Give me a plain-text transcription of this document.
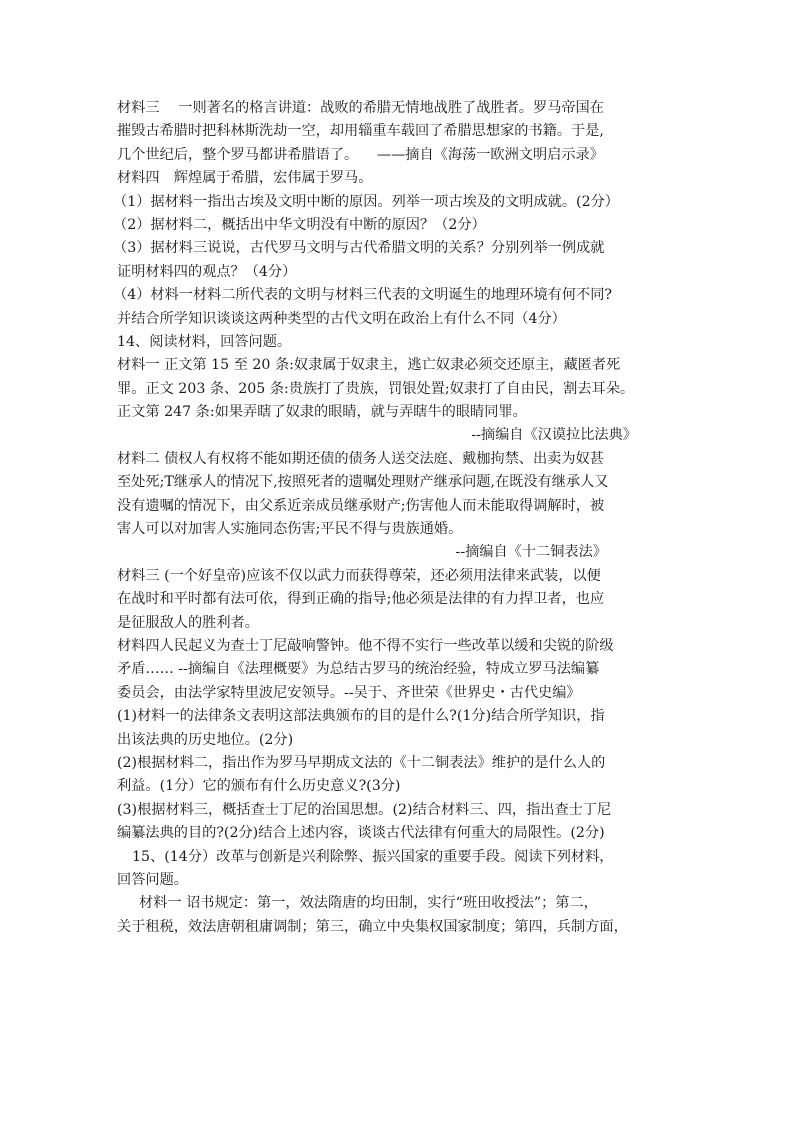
材料三 　一则著名的格言讲道：战败的希腊无情地战胜了战胜者。罗马帝国在
摧毁古希腊时把科林斯洗劫一空，却用辎重车载回了希腊思想家的书籍。于是,
几个世纪后，整个罗马都讲希腊语了。 　——摘自《海荡一欧洲文明启示录》
材料四　辉煌属于希腊，宏伟属于罗马。
（1）据材料一指出古埃及文明中断的原因。列举一项古埃及的文明成就。(2分）
（2）据材料二，概括出中华文明没有中断的原因？（2分）
（3）据材料三说说，古代罗马文明与古代希腊文明的关系？分别列举一例成就
证明材料四的观点？（4分）
（4）材料一材料二所代表的文明与材料三代表的文明诞生的地理环境有何不同?
并结合所学知识谈谈这两种类型的古代文明在政治上有什么不同（4分）
14、阅读材料，回答问题。
材料一 正文第 15 至 20 条:奴隶属于奴隶主，逃亡奴隶必须交还原主，藏匿者死
罪。正文 203 条、205 条:贵族打了贵族，罚银处置;奴隶打了自由民，割去耳朵。
正文第 247 条:如果弄瞎了奴隶的眼睛，就与弄瞎牛的眼睛同罪。
--摘编自《汉谟拉比法典》
材料二 债权人有权将不能如期还债的债务人送交法庭、戴枷拘禁、出卖为奴甚
至处死;T继承人的情况下,按照死者的遗嘱处理财产继承问题,在既没有继承人又
没有遗嘱的情况下，由父系近亲成员继承财产;伤害他人而未能取得调解时，被
害人可以对加害人实施同态伤害;平民不得与贵族通婚。
--摘编自《十二铜表法》
材料三 (一个好皇帝)应该不仅以武力而获得尊荣，还必须用法律来武装，以便
在战时和平时都有法可依，得到正确的指导;他必须是法律的有力捍卫者，也应
是征服敌人的胜利者。
材料四人民起义为查士丁尼敲响警钟。他不得不实行一些改革以缓和尖锐的阶级
矛盾…… --摘编自《法理概要》为总结古罗马的统治经验，特成立罗马法编纂
委员会，由法学家特里波尼安领导。--吴于、齐世荣《世界史・古代史编》
(1)材料一的法律条文表明这部法典颁布的目的是什么?(1分)结合所学知识，指
出该法典的历史地位。(2分)
(2)根据材料二，指出作为罗马早期成文法的《十二铜表法》维护的是什么人的
利益。(1分）它的颁布有什么历史意义?(3分)
(3)根据材料三，概括查士丁尼的治国思想。(2)结合材料三、四，指出查士丁尼
编纂法典的目的?(2分)结合上述内容，谈谈古代法律有何重大的局限性。(2分)
15、(14分）改革与创新是兴利除弊、振兴国家的重要手段。阅读下列材料，
回答问题。
材料一 诏书规定：第一，效法隋唐的均田制，实行“班田收授法”；第二，
关于租税，效法唐朝租庸调制；第三，确立中央集权国家制度；第四，兵制方面，
